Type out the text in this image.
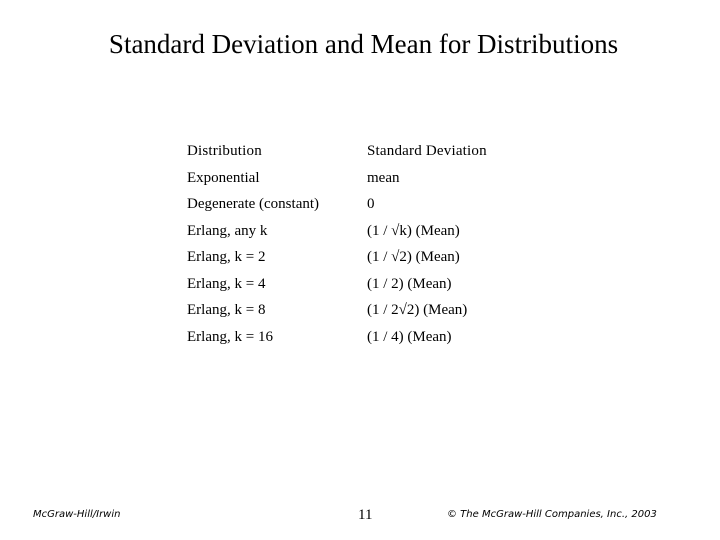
Standard Deviation and Mean for Distributions
Distribution	Standard Deviation
Exponential	mean
Degenerate (constant)	0
Erlang, any k	(1 / √k) (Mean)
Erlang, k = 2	(1 / √2) (Mean)
Erlang, k = 4	(1 / 2) (Mean)
Erlang, k = 8	(1 / 2√2) (Mean)
Erlang, k = 16	(1 / 4) (Mean)
McGraw-Hill/Irwin	11	© The McGraw-Hill Companies, Inc., 2003
